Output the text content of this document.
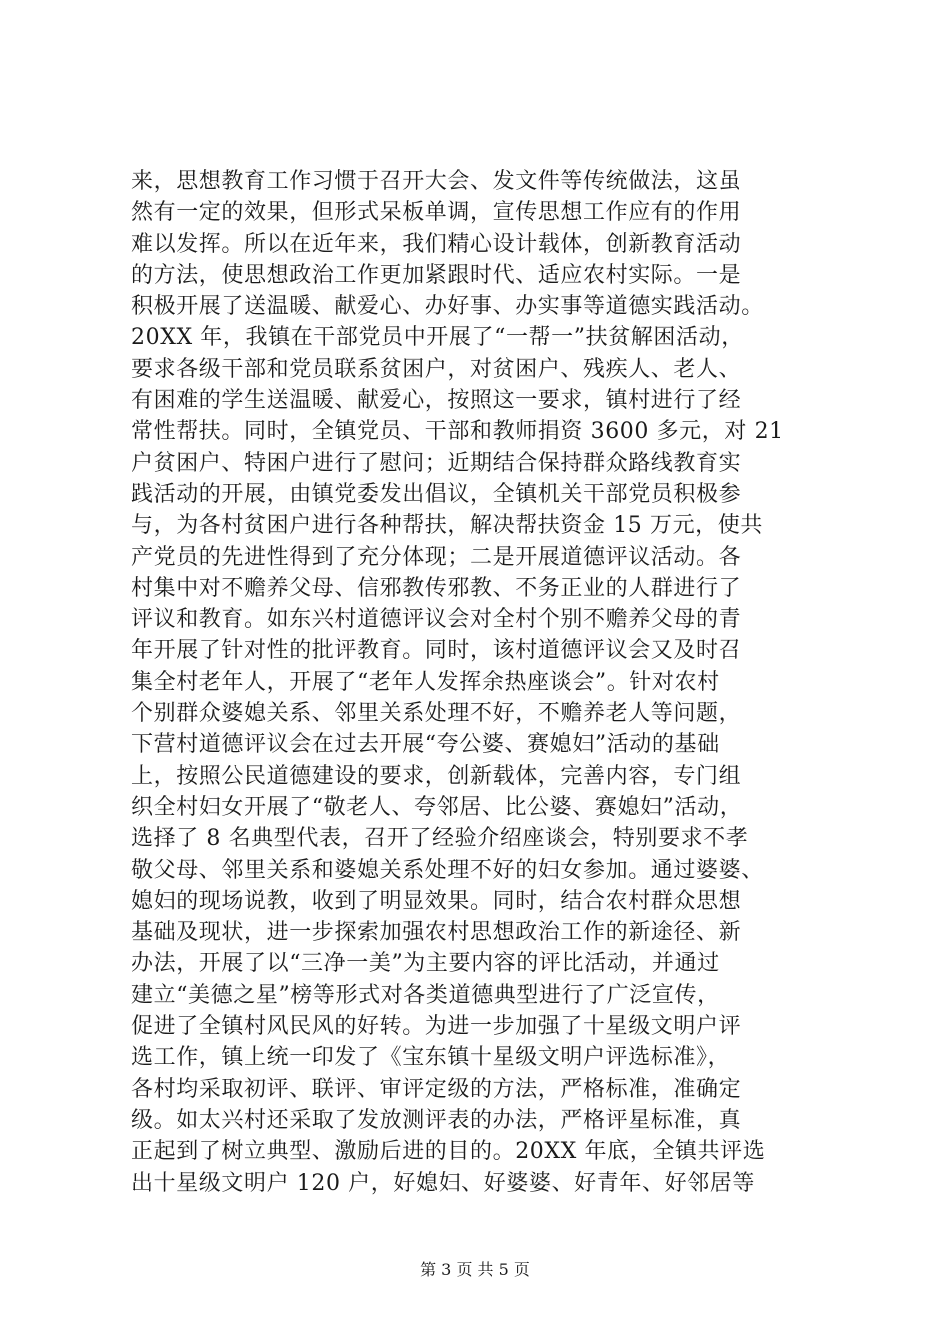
来，思想教育工作习惯于召开大会、发文件等传统做法，这虽
然有一定的效果，但形式呆板单调，宣传思想工作应有的作用
难以发挥。所以在近年来，我们精心设计载体，创新教育活动
的方法，使思想政治工作更加紧跟时代、适应农村实际。一是
积极开展了送温暖、献爱心、办好事、办实事等道德实践活动。
20XX 年，我镇在干部党员中开展了“一帮一”扶贫解困活动，
要求各级干部和党员联系贫困户，对贫困户、残疾人、老人、
有困难的学生送温暖、献爱心，按照这一要求，镇村进行了经
常性帮扶。同时，全镇党员、干部和教师捐资 3600 多元，对 21
户贫困户、特困户进行了慰问；近期结合保持群众路线教育实
践活动的开展，由镇党委发出倡议，全镇机关干部党员积极参
与，为各村贫困户进行各种帮扶，解决帮扶资金 15 万元，使共
产党员的先进性得到了充分体现；二是开展道德评议活动。各
村集中对不赡养父母、信邪教传邪教、不务正业的人群进行了
评议和教育。如东兴村道德评议会对全村个别不赡养父母的青
年开展了针对性的批评教育。同时，该村道德评议会又及时召
集全村老年人，开展了“老年人发挥余热座谈会”。针对农村
个别群众婆媳关系、邻里关系处理不好，不赡养老人等问题，
下营村道德评议会在过去开展“夸公婆、赛媳妇”活动的基础
上，按照公民道德建设的要求，创新载体，完善内容，专门组
织全村妇女开展了“敬老人、夸邻居、比公婆、赛媳妇”活动，
选择了 8 名典型代表，召开了经验介绍座谈会，特别要求不孝
敬父母、邻里关系和婆媳关系处理不好的妇女参加。通过婆婆、
媳妇的现场说教，收到了明显效果。同时，结合农村群众思想
基础及现状，进一步探索加强农村思想政治工作的新途径、新
办法，开展了以“三净一美”为主要内容的评比活动，并通过
建立“美德之星”榜等形式对各类道德典型进行了广泛宣传，
促进了全镇村风民风的好转。为进一步加强了十星级文明户评
选工作，镇上统一印发了《宝东镇十星级文明户评选标准》，
各村均采取初评、联评、审评定级的方法，严格标准，准确定
级。如太兴村还采取了发放测评表的办法，严格评星标准，真
正起到了树立典型、激励后进的目的。20XX 年底，全镇共评选
出十星级文明户 120 户，好媳妇、好婆婆、好青年、好邻居等
第 3 页 共 5 页
